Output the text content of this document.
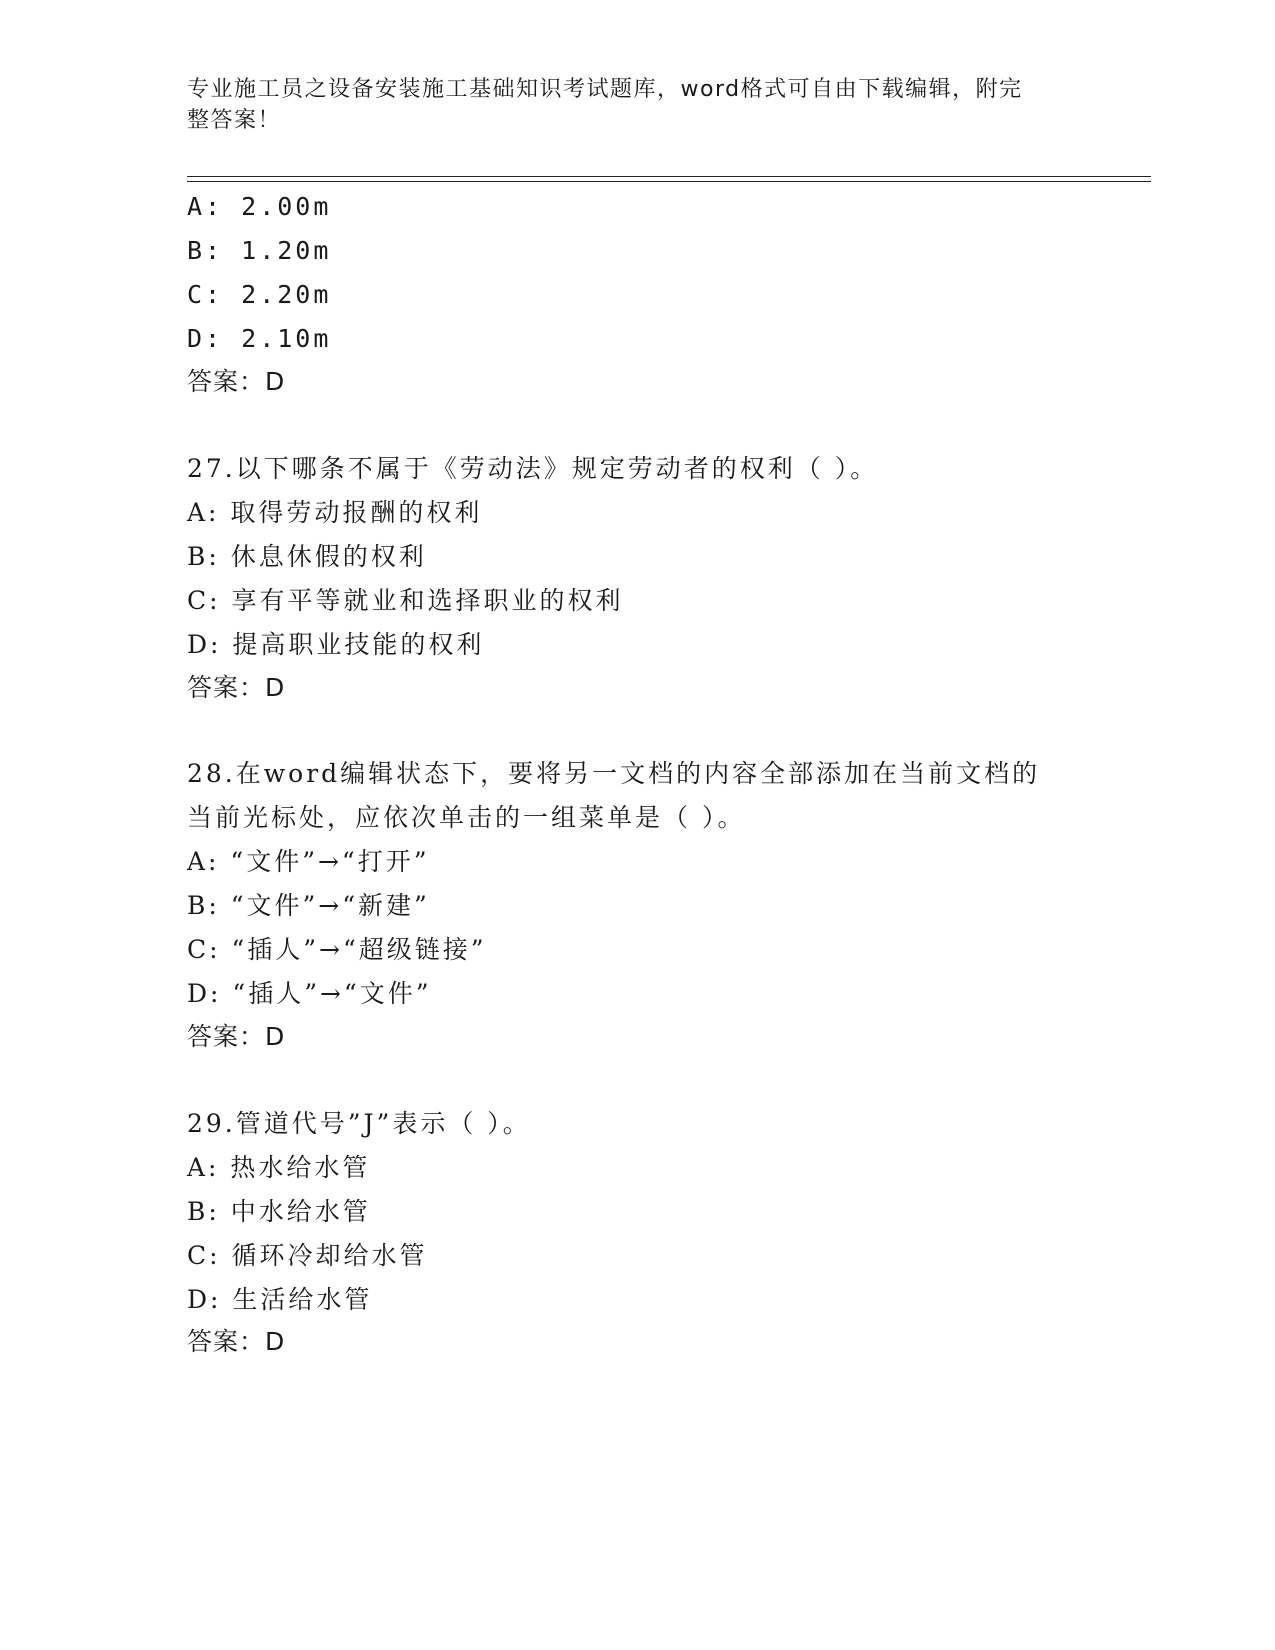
专业施工员之设备安装施工基础知识考试题库，word格式可自由下载编辑，附完
整答案！
A: 2.00m
B: 1.20m
C: 2.20m
D: 2.10m
答案：D
27.以下哪条不属于《劳动法》规定劳动者的权利（ ）。
A: 取得劳动报酬的权利
B: 休息休假的权利
C: 享有平等就业和选择职业的权利
D: 提高职业技能的权利
答案：D
28.在word编辑状态下，要将另一文档的内容全部添加在当前文档的
当前光标处，应依次单击的一组菜单是（ ）。
A: “文件”→“打开”
B: “文件”→“新建”
C: “插人”→“超级链接”
D: “插人”→“文件”
答案：D
29.管道代号”J”表示（ ）。
A: 热水给水管
B: 中水给水管
C: 循环冷却给水管
D: 生活给水管
答案：D
